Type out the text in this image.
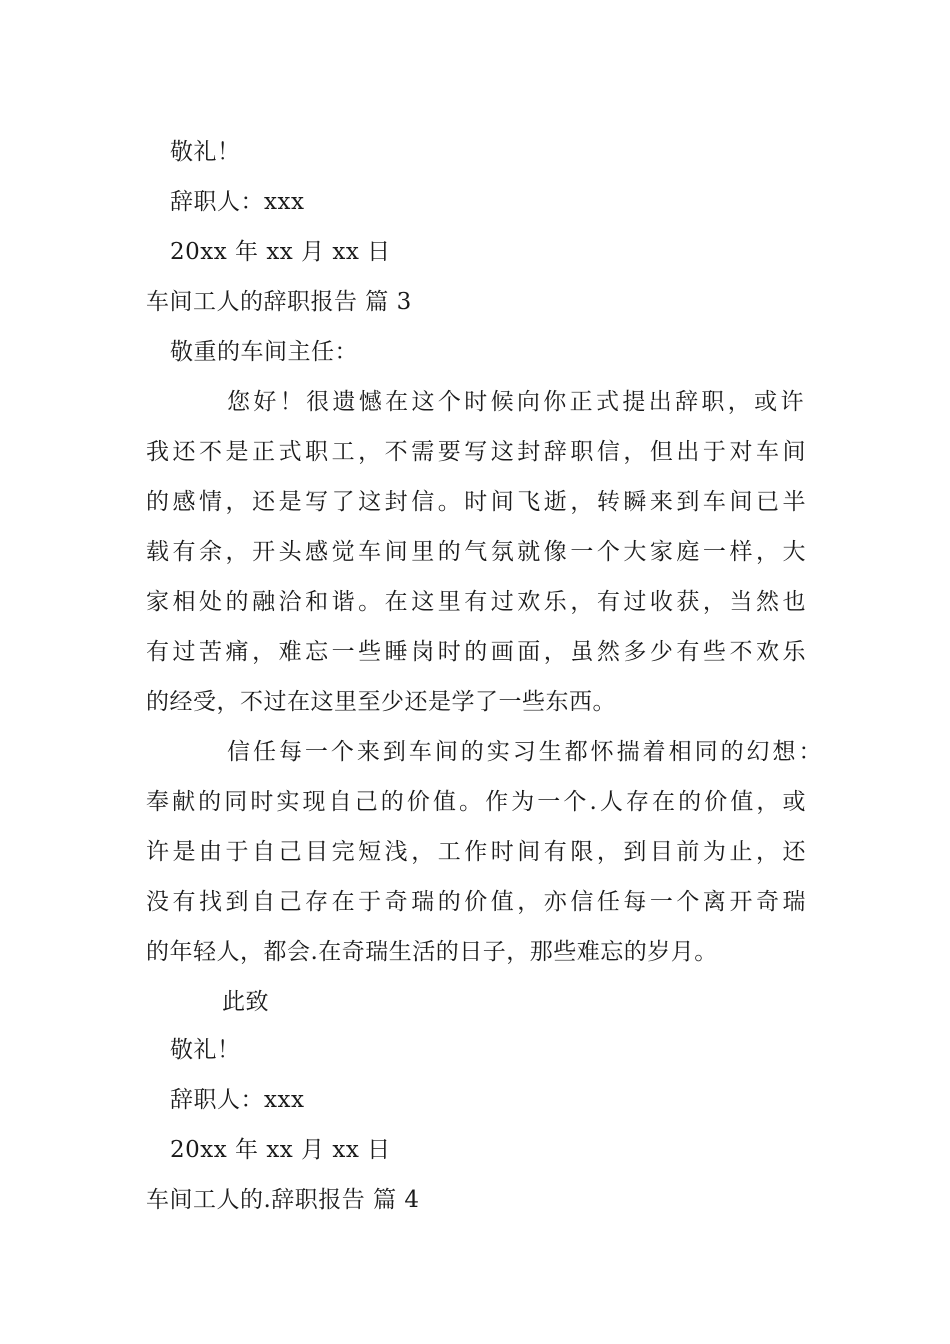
敬礼！
辞职人：xxx
20xx 年 xx 月 xx 日
车间工人的辞职报告 篇 3
敬重的车间主任：
您好！很遗憾在这个时候向你正式提出辞职，或许
我还不是正式职工，不需要写这封辞职信，但出于对车间
的感情，还是写了这封信。时间飞逝，转瞬来到车间已半
载有余，开头感觉车间里的气氛就像一个大家庭一样，大
家相处的融洽和谐。在这里有过欢乐，有过收获，当然也
有过苦痛，难忘一些睡岗时的画面，虽然多少有些不欢乐
的经受，不过在这里至少还是学了一些东西。
信任每一个来到车间的实习生都怀揣着相同的幻想：
奉献的同时实现自己的价值。作为一个.人存在的价值，或
许是由于自己目完短浅，工作时间有限，到目前为止，还
没有找到自己存在于奇瑞的价值，亦信任每一个离开奇瑞
的年轻人，都会.在奇瑞生活的日子，那些难忘的岁月。
此致
敬礼！
辞职人：xxx
20xx 年 xx 月 xx 日
车间工人的.辞职报告 篇 4
